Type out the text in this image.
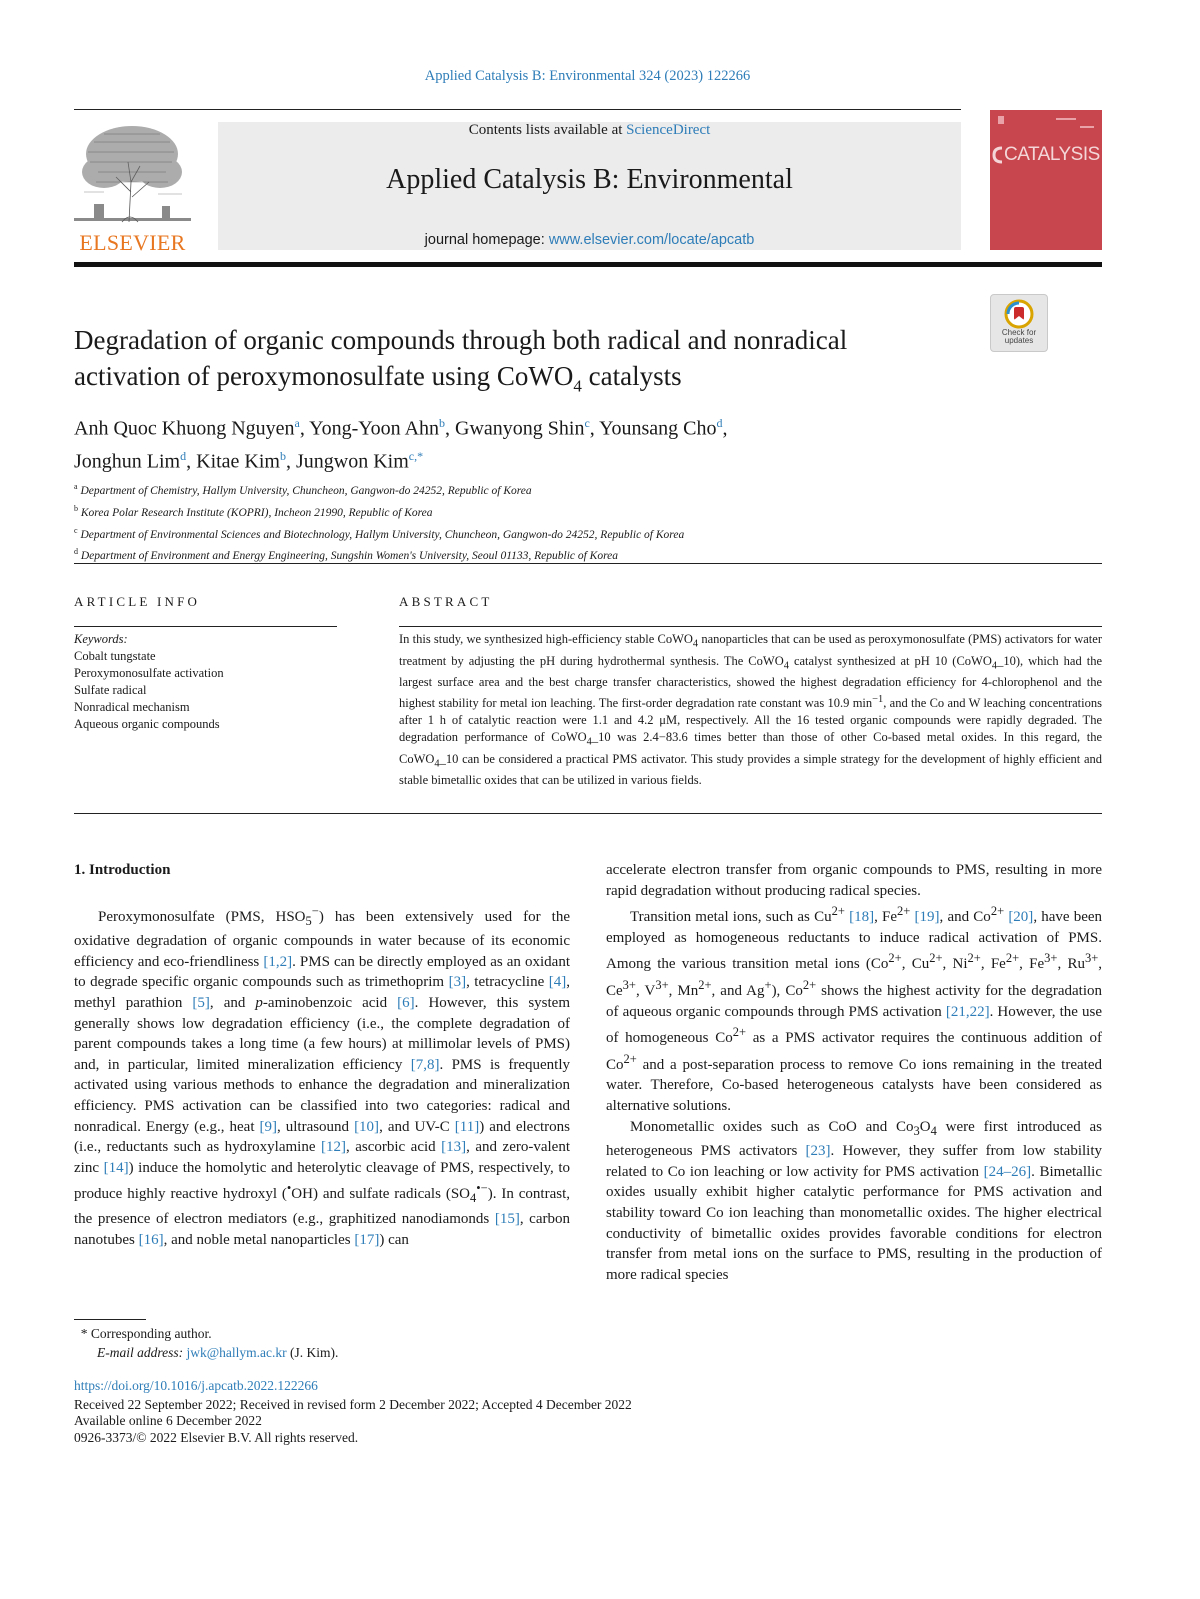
Applied Catalysis B: Environmental 324 (2023) 122266
ELSEVIER
Contents lists available at ScienceDirect
Applied Catalysis B: Environmental
journal homepage: www.elsevier.com/locate/apcatb
CATALYSIS
Check for updates
Degradation of organic compounds through both radical and nonradical
activation of peroxymonosulfate using CoWO$_4$ catalysts
Anh Quoc Khuong Nguyen$^a$, Yong-Yoon Ahn$^b$, Gwanyong Shin$^c$, Younsang Cho$^d$,
Jonghun Lim$^d$, Kitae Kim$^b$, Jungwon Kim$^{c,*}$
$^a$ Department of Chemistry, Hallym University, Chuncheon, Gangwon-do 24252, Republic of Korea
$^b$ Korea Polar Research Institute (KOPRI), Incheon 21990, Republic of Korea
$^c$ Department of Environmental Sciences and Biotechnology, Hallym University, Chuncheon, Gangwon-do 24252, Republic of Korea
$^d$ Department of Environment and Energy Engineering, Sungshin Women's University, Seoul 01133, Republic of Korea
ARTICLE INFO
Keywords:
Cobalt tungstate
Peroxymonosulfate activation
Sulfate radical
Nonradical mechanism
Aqueous organic compounds
ABSTRACT
In this study, we synthesized high-efficiency stable CoWO$_4$ nanoparticles that can be used as peroxymonosulfate (PMS) activators for water treatment by adjusting the pH during hydrothermal synthesis. The CoWO$_4$ catalyst synthesized at pH 10 (CoWO$_4$_10), which had the largest surface area and the best charge transfer characteristics, showed the highest degradation efficiency for 4-chlorophenol and the highest stability for metal ion leaching. The first-order degradation rate constant was 10.9 $\min^{-1}$, and the Co and W leaching concentrations after 1 h of catalytic reaction were 1.1 and 4.2 μM, respectively. All the 16 tested organic compounds were rapidly degraded. The degradation performance of CoWO$_4$_10 was 2.4−83.6 times better than those of other Co-based metal oxides. In this regard, the CoWO$_4$_10 can be considered a practical PMS activator. This study provides a simple strategy for the development of highly efficient and stable bimetallic oxides that can be utilized in various fields.
1. Introduction

Peroxymonosulfate (PMS, $HSO_5^-$) has been extensively used for the oxidative degradation of organic compounds in water because of its economic efficiency and eco-friendliness [1,2]. PMS can be directly employed as an oxidant to degrade specific organic compounds such as trimethoprim [3], tetracycline [4], methyl parathion [5], and p-aminobenzoic acid [6]. However, this system generally shows low degradation efficiency (i.e., the complete degradation of parent compounds takes a long time (a few hours) at millimolar levels of PMS) and, in particular, limited mineralization efficiency [7,8]. PMS is frequently activated using various methods to enhance the degradation and mineralization efficiency. PMS activation can be classified into two categories: radical and nonradical. Energy (e.g., heat [9], ultrasound [10], and UV-C [11]) and electrons (i.e., reductants such as hydroxylamine [12], ascorbic acid [13], and zero-valent zinc [14]) induce the homolytic and heterolytic cleavage of PMS, respectively, to produce highly reactive hydroxyl (•OH) and sulfate radicals $(SO_4^{•-})$. In contrast, the presence of electron mediators (e.g., graphitized nanodiamonds [15], carbon nanotubes [16], and noble metal nanoparticles [17]) can

accelerate electron transfer from organic compounds to PMS, resulting in more rapid degradation without producing radical species.

Transition metal ions, such as $Cu^{2+}$ [18], $Fe^{2+}$ [19], and $Co^{2+}$ [20], have been employed as homogeneous reductants to induce radical activation of PMS. Among the various transition metal ions ($Co^{2+}$, $Cu^{2+}$, $Ni^{2+}$, $Fe^{2+}$, $Fe^{3+}$, $Ru^{3+}$, $Ce^{3+}$, $V^{3+}$, $Mn^{2+}$, and Ag+), $Co^{2+}$ shows the highest activity for the degradation of aqueous organic compounds through PMS activation [21,22]. However, the use of homogeneous $Co^{2+}$ as a PMS activator requires the continuous addition of $Co^{2+}$ and a post-separation process to remove Co ions remaining in the treated water. Therefore, Co-based heterogeneous catalysts have been considered as alternative solutions.

Monometallic oxides such as CoO and $Co_3O_4$ were first introduced as heterogeneous PMS activators [23]. However, they suffer from low stability related to Co ion leaching or low activity for PMS activation [24–26]. Bimetallic oxides usually exhibit higher catalytic performance for PMS activation and stability toward Co ion leaching than monometallic oxides. The higher electrical conductivity of bimetallic oxides provides favorable conditions for electron transfer from metal ions on the surface to PMS, resulting in the production of more radical species

* Corresponding author.
E-mail address: jwk@hallym.ac.kr (J. Kim).
https://doi.org/10.1016/j.apcatb.2022.122266
Received 22 September 2022; Received in revised form 2 December 2022; Accepted 4 December 2022
Available online 6 December 2022
0926-3373/© 2022 Elsevier B.V. All rights reserved.
